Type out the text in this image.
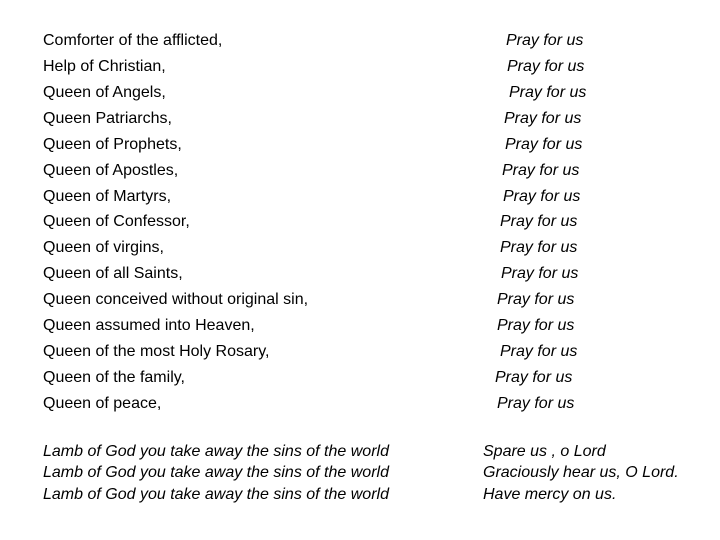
Comforter of the afflicted,
Help of Christian,
Queen of Angels,
Queen Patriarchs,
Queen of Prophets,
Queen of Apostles,
Queen of Martyrs,
Queen of Confessor,
Queen of virgins,
Queen of all Saints,
Queen conceived without original sin,
Queen assumed into Heaven,
Queen of the most Holy Rosary,
Queen of the family,
Queen of peace,
Pray for us
Pray for us
Pray for us
Pray for us
Pray for us
Pray for us
Pray for us
Pray for us
Pray for us
Pray for us
Pray for us
Pray for us
Pray for us
Pray for us
Pray for us
Lamb of God you take away the sins of the world
Lamb of God you take away the sins of the world
Lamb of God you take away the sins of the world
Spare us , o Lord
Graciously hear us, O Lord.
Have mercy on us.
